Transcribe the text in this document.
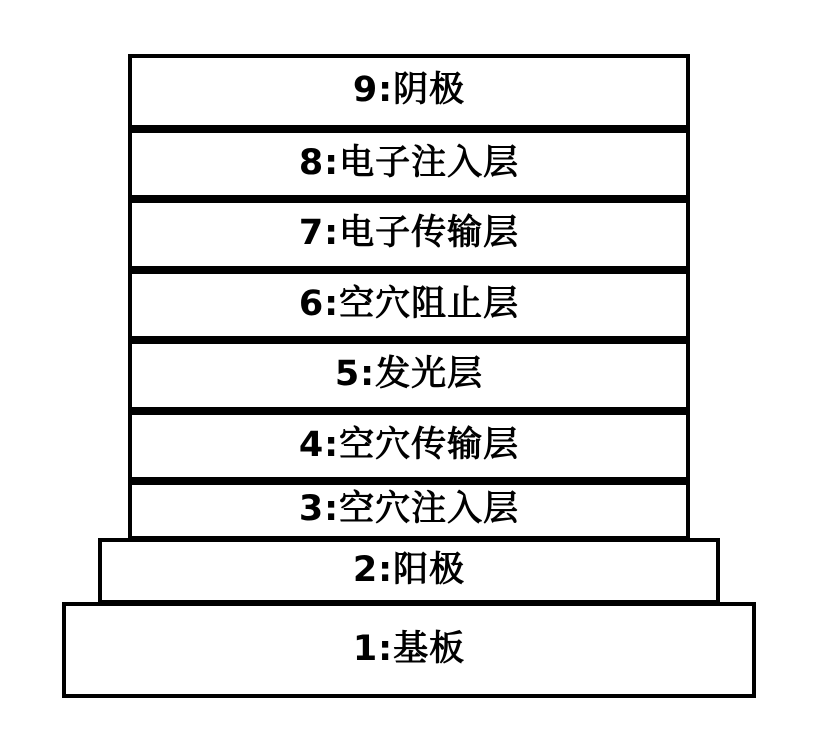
9:阴极
8:电子注入层
7:电子传输层
6:空穴阻止层
5:发光层
4:空穴传输层
3:空穴注入层
2:阳极
1:基板
